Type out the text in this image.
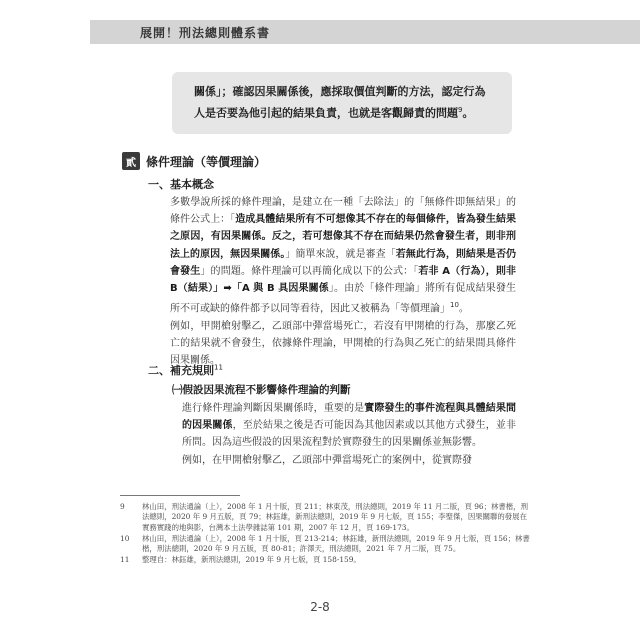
展開！刑法總則體系書

關係」；確認因果關係後，應採取價值判斷的方法，認定行為人是否要為他引起的結果負責，也就是客觀歸責的問題$^9$。

貳 條件理論（等價理論）
一、基本概念

多數學說所採的條件理論，是建立在一種「去除法」的「無條件即無結果」的條件公式上：「造成具體結果所有不可想像其不存在的每個條件，皆為發生結果之原因，有因果關係。反之，若可想像其不存在而結果仍然會發生者，則非刑法上的原因，無因果關係。」簡單來說，就是審查「若無此行為，則結果是否仍會發生」的問題。條件理論可以再簡化成以下的公式：「若非 A（行為），則非 B（結果）」➡「A 與 B 具因果關係」。由於「條件理論」將所有促成結果發生所不可或缺的條件都予以同等看待，因此又被稱為「等價理論」$^{10}$。

例如，甲開槍射擊乙，乙頭部中彈當場死亡，若沒有甲開槍的行為，那麼乙死亡的結果就不會發生，依據條件理論，甲開槍的行為與乙死亡的結果間具條件因果關係。

二、補充規則$^{11}$
㈠假設因果流程不影響條件理論的判斷

進行條件理論判斷因果關係時，重要的是實際發生的事件流程與具體結果間的因果關係，至於結果之後是否可能因為其他因素或以其他方式發生，並非所問。因為這些假設的因果流程對於實際發生的因果關係並無影響。

例如，在甲開槍射擊乙，乙頭部中彈當場死亡的案例中，從實際發

9	林山田，刑法通論（上），2008 年 1 月十版，頁 211；林東茂，刑法總則，2019 年 11 月二版，頁 96；林書楷，刑法總則，2020 年 9 月五版，頁 79；林鈺雄，新刑法總則，2019 年 9 月七版，頁 155；李聖傑，因果關聯的發展在實務實踐的地與影，台灣本土法學雜誌第 101 期，2007 年 12 月，頁 169-173。
10	林山田，刑法通論（上），2008 年 1 月十版，頁 213-214；林鈺雄，新刑法總則，2019 年 9 月七版，頁 156；林書楷，刑法總則，2020 年 9 月五版，頁 80-81；許澤天，刑法總則，2021 年 7 月二版，頁 75。
11	整理自：林鈺雄，新刑法總則，2019 年 9 月七版，頁 158-159。
2-8
